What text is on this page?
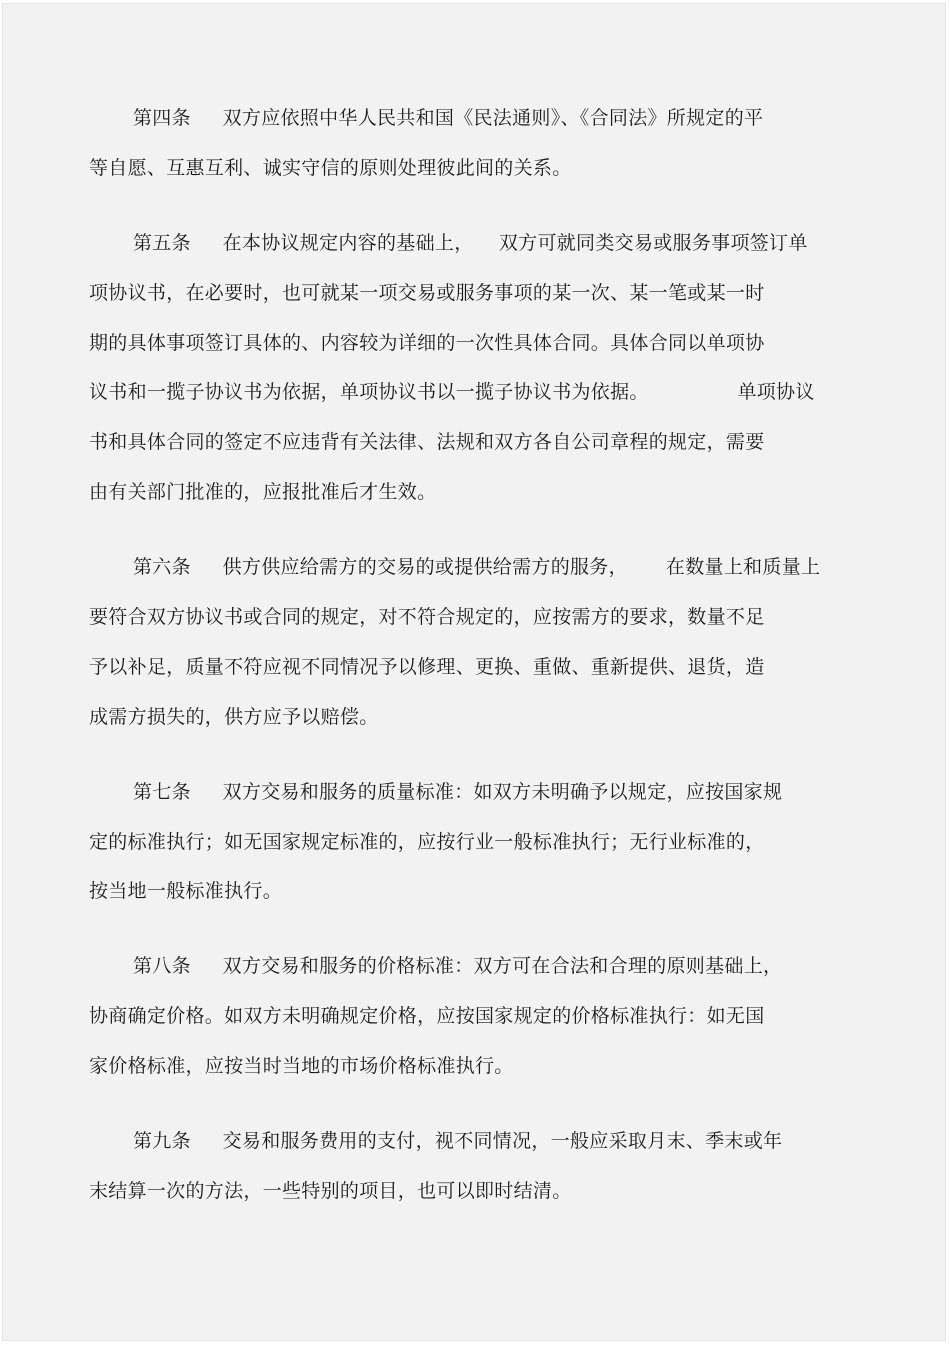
第四条     双方应依照中华人民共和国《民法通则》、《合同法》所规定的平

等自愿、互惠互利、诚实守信的原则处理彼此间的关系。

第五条     在本协议规定内容的基础上，    双方可就同类交易或服务事项签订单

项协议书，在必要时，也可就某一项交易或服务事项的某一次、某一笔或某一时

期的具体事项签订具体的、内容较为详细的一次性具体合同。具体合同以单项协

议书和一揽子协议书为依据，单项协议书以一揽子协议书为依据。              单项协议

书和具体合同的签定不应违背有关法律、法规和双方各自公司章程的规定，需要

由有关部门批准的，应报批准后才生效。

第六条     供方供应给需方的交易的或提供给需方的服务，      在数量上和质量上

要符合双方协议书或合同的规定，对不符合规定的，应按需方的要求，数量不足

予以补足，质量不符应视不同情况予以修理、更换、重做、重新提供、退货，造

成需方损失的，供方应予以赔偿。

第七条     双方交易和服务的质量标准：如双方未明确予以规定，应按国家规

定的标准执行；如无国家规定标准的，应按行业一般标准执行；无行业标准的，

按当地一般标准执行。

第八条     双方交易和服务的价格标准：双方可在合法和合理的原则基础上，

协商确定价格。如双方未明确规定价格，应按国家规定的价格标准执行：如无国

家价格标准，应按当时当地的市场价格标准执行。

第九条     交易和服务费用的支付，视不同情况，一般应采取月末、季末或年

末结算一次的方法，一些特别的项目，也可以即时结清。
